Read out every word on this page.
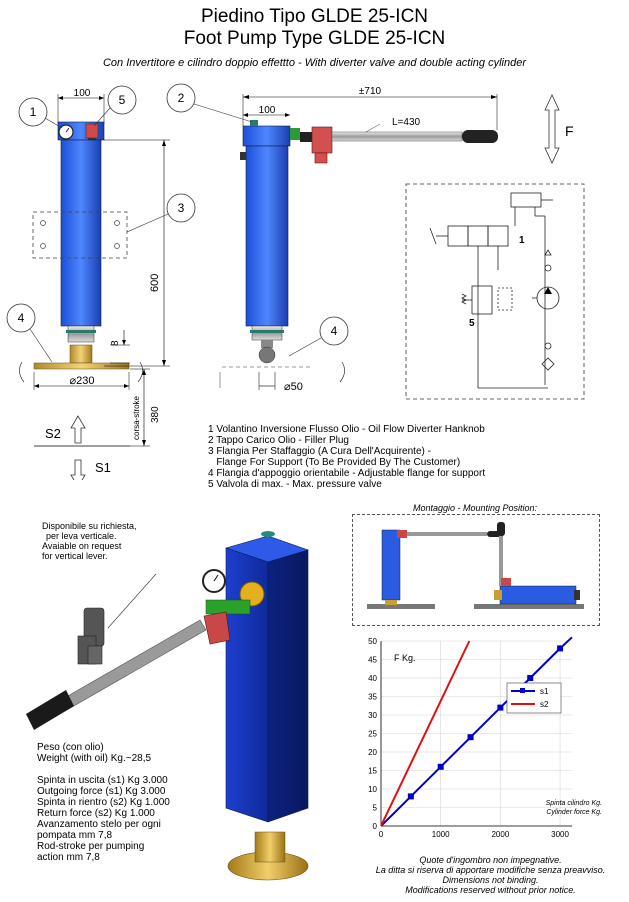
Piedino Tipo GLDE 25-ICN
Foot Pump Type GLDE 25-ICN
Con Invertitore e cilindro doppio effettto - With diverter valve and double acting cylinder
100
8
600
⌀230
corsa-stroke 380
1
5
3
4
±710
100
L=430
⌀50
2
4
F
1
5
S2
S1
1 Volantino Inversione Flusso Olio - Oil Flow Diverter Hanknob
2 Tappo Carico Olio - Filler Plug
3 Flangia Per Staffaggio (A Cura Dell'Acquirente) -
Flange For Support (To Be Provided By The Customer)
4 Flangia d'appoggio orientabile - Adjustable flange for support
5 Valvola di max. - Max. pressure valve
Disponibile su richiesta,
per leva verticale.
Avaiable on request
for vertical lever.
Peso (con olio)
Weight (with oil) Kg.~28,5
Spinta in uscita (s1) Kg 3.000
Outgoing force (s1) Kg 3.000
Spinta in rientro (s2) Kg 1.000
Return force (s2) Kg 1.000
Avanzamento stelo per ogni
pompata mm 7,8
Rod-stroke per pumping
action mm 7,8
Montaggio - Mounting Position:
0
5
10
15
20
25
30
35
40
45
50
0	1000	2000	3000
F Kg.
Spinta cilindro Kg.
Cylinder force Kg.
s1
s2
Quote d'ingombro non impegnative.
La ditta si riserva di apportare modifiche senza preavviso.
Dimensions not binding.
Modifications reserved without prior notice.
